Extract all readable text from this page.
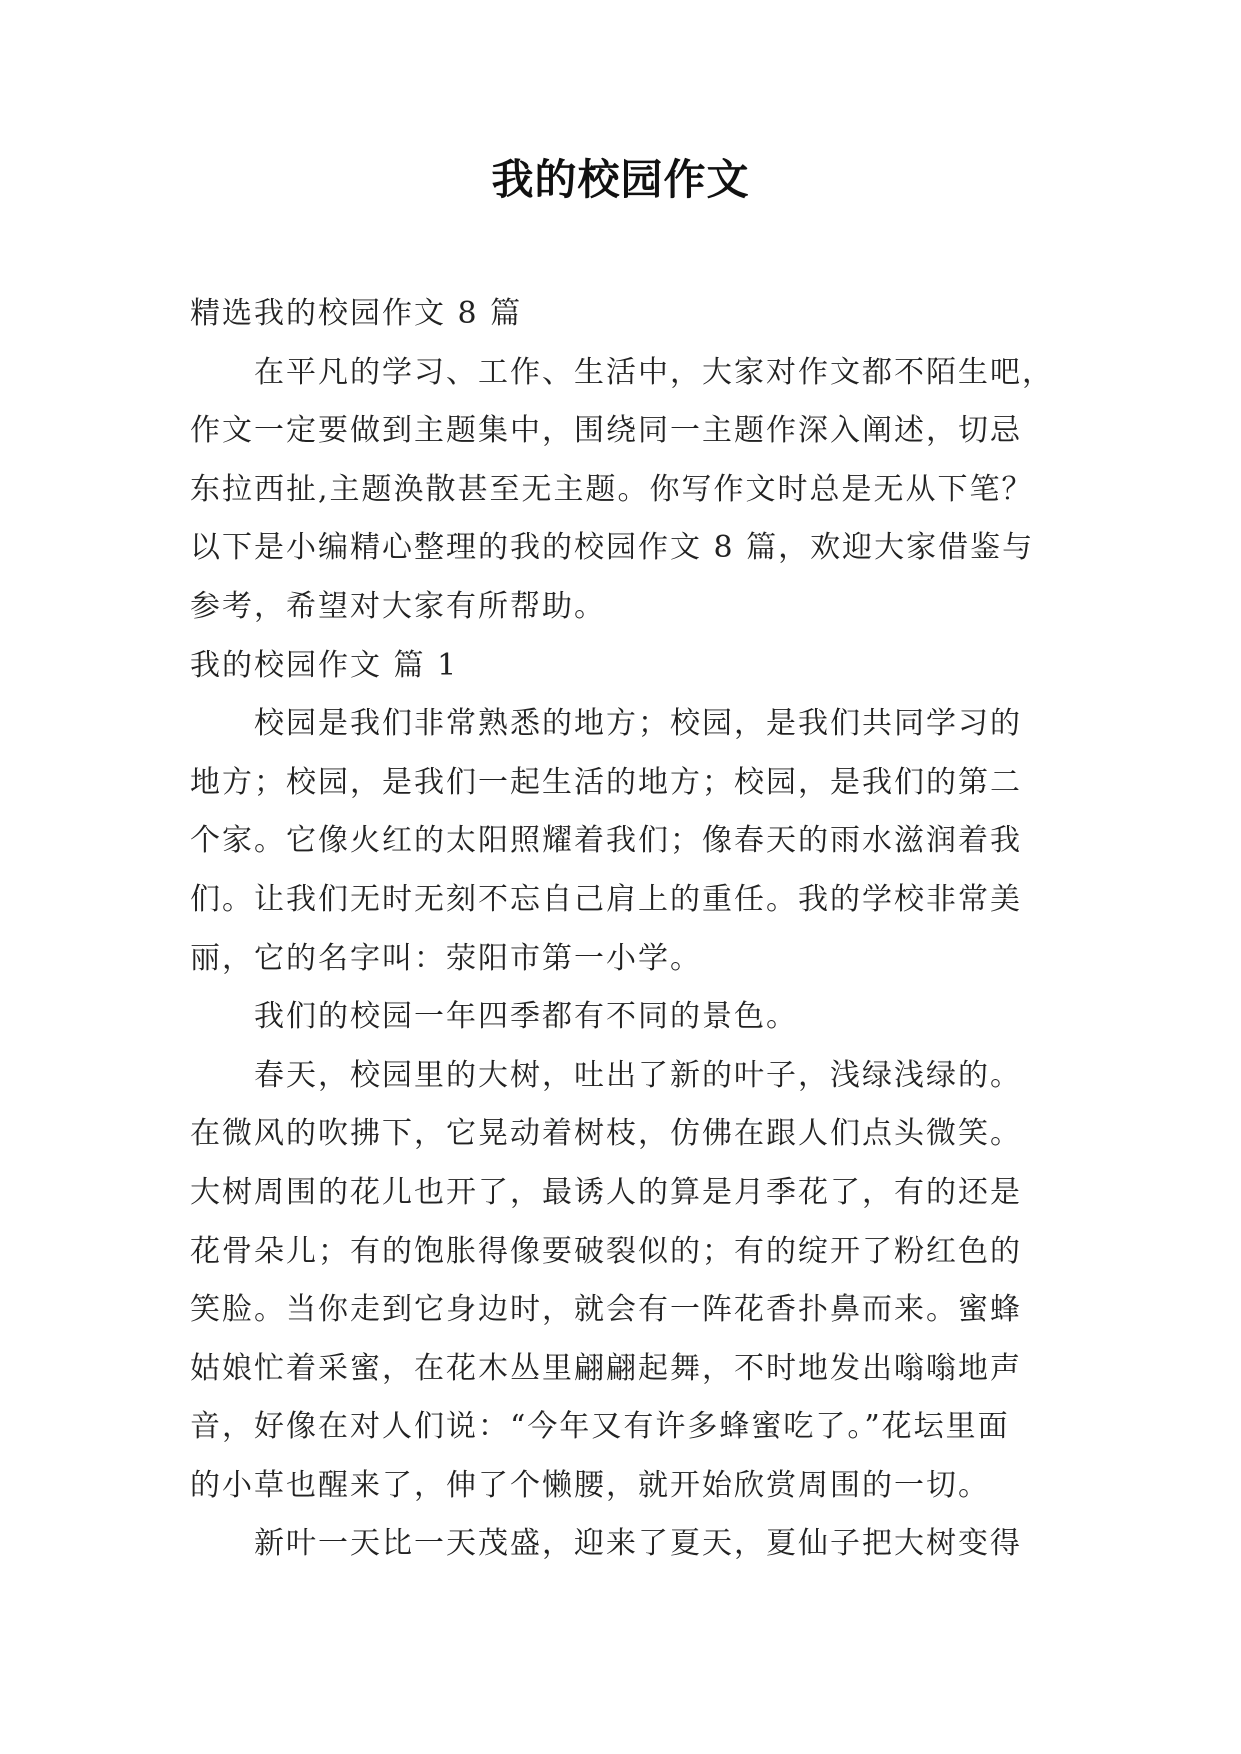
我的校园作文
精选我的校园作文 8 篇
在平凡的学习、工作、生活中，大家对作文都不陌生吧，
作文一定要做到主题集中，围绕同一主题作深入阐述，切忌
东拉西扯,主题涣散甚至无主题。你写作文时总是无从下笔？
以下是小编精心整理的我的校园作文 8 篇，欢迎大家借鉴与
参考，希望对大家有所帮助。
我的校园作文 篇 1
校园是我们非常熟悉的地方；校园，是我们共同学习的
地方；校园，是我们一起生活的地方；校园，是我们的第二
个家。它像火红的太阳照耀着我们；像春天的雨水滋润着我
们。让我们无时无刻不忘自己肩上的重任。我的学校非常美
丽，它的名字叫：荥阳市第一小学。
我们的校园一年四季都有不同的景色。
春天，校园里的大树，吐出了新的叶子，浅绿浅绿的。
在微风的吹拂下，它晃动着树枝，仿佛在跟人们点头微笑。
大树周围的花儿也开了，最诱人的算是月季花了，有的还是
花骨朵儿；有的饱胀得像要破裂似的；有的绽开了粉红色的
笑脸。当你走到它身边时，就会有一阵花香扑鼻而来。蜜蜂
姑娘忙着采蜜，在花木丛里翩翩起舞，不时地发出嗡嗡地声
音，好像在对人们说：“今年又有许多蜂蜜吃了。”花坛里面
的小草也醒来了，伸了个懒腰，就开始欣赏周围的一切。
新叶一天比一天茂盛，迎来了夏天，夏仙子把大树变得
